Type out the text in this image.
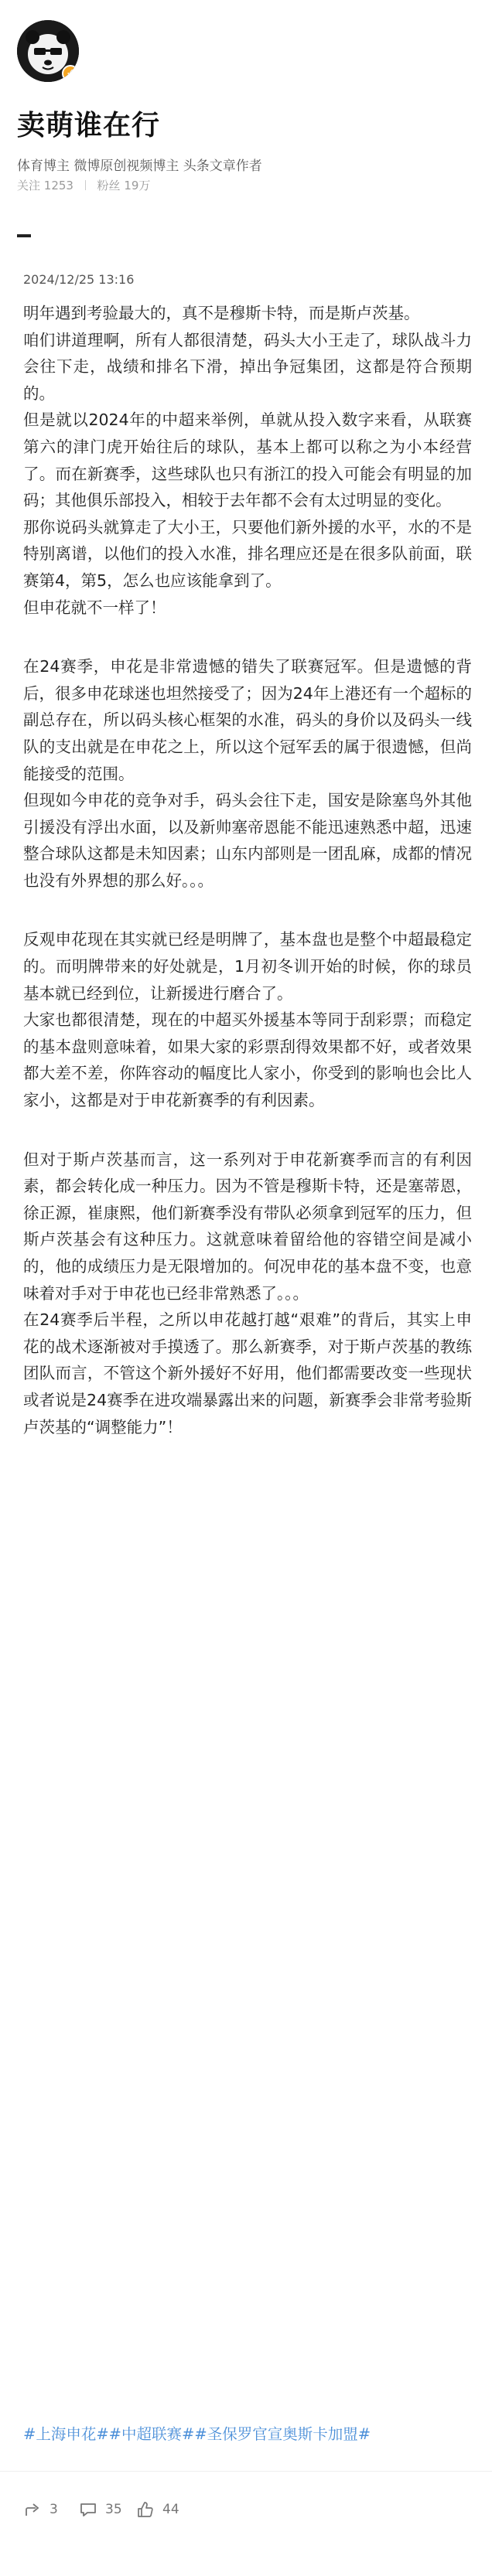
✓
卖萌谁在行
体育博主 微博原创视频博主 头条文章作者
关注 1253 粉丝 19万
2024/12/25 13:16

明年遇到考验最大的，真不是穆斯卡特，而是斯卢茨基。

咱们讲道理啊，所有人都很清楚，码头大小王走了，球队战斗力会往下走，战绩和排名下滑，掉出争冠集团，这都是符合预期的。

但是就以2024年的中超来举例，单就从投入数字来看，从联赛第六的津门虎开始往后的球队，基本上都可以称之为小本经营了。而在新赛季，这些球队也只有浙江的投入可能会有明显的加码；其他俱乐部投入，相较于去年都不会有太过明显的变化。

那你说码头就算走了大小王，只要他们新外援的水平，水的不是特别离谱，以他们的投入水准，排名理应还是在很多队前面，联赛第4，第5，怎么也应该能拿到了。

但申花就不一样了！

在24赛季，申花是非常遗憾的错失了联赛冠军。但是遗憾的背后，很多申花球迷也坦然接受了；因为24年上港还有一个超标的副总存在，所以码头核心框架的水准，码头的身价以及码头一线队的支出就是在申花之上，所以这个冠军丢的属于很遗憾，但尚能接受的范围。

但现如今申花的竞争对手，码头会往下走，国安是除塞鸟外其他引援没有浮出水面，以及新帅塞帝恩能不能迅速熟悉中超，迅速整合球队这都是未知因素；山东内部则是一团乱麻，成都的情况也没有外界想的那么好。。。

反观申花现在其实就已经是明牌了，基本盘也是整个中超最稳定的。而明牌带来的好处就是，1月初冬训开始的时候，你的球员基本就已经到位，让新援进行磨合了。

大家也都很清楚，现在的中超买外援基本等同于刮彩票；而稳定的基本盘则意味着，如果大家的彩票刮得效果都不好，或者效果都大差不差，你阵容动的幅度比人家小，你受到的影响也会比人家小，这都是对于申花新赛季的有利因素。

但对于斯卢茨基而言，这一系列对于申花新赛季而言的有利因素，都会转化成一种压力。因为不管是穆斯卡特，还是塞蒂恩，徐正源，崔康熙，他们新赛季没有带队必须拿到冠军的压力，但斯卢茨基会有这种压力。这就意味着留给他的容错空间是减小的，他的成绩压力是无限增加的。何况申花的基本盘不变，也意味着对手对于申花也已经非常熟悉了。。。

在24赛季后半程，之所以申花越打越“艰难”的背后，其实上申花的战术逐渐被对手摸透了。那么新赛季，对于斯卢茨基的教练团队而言，不管这个新外援好不好用，他们都需要改变一些现状或者说是24赛季在进攻端暴露出来的问题，新赛季会非常考验斯卢茨基的“调整能力”！

#上海申花##中超联赛##圣保罗官宣奥斯卡加盟#
3	35	44
